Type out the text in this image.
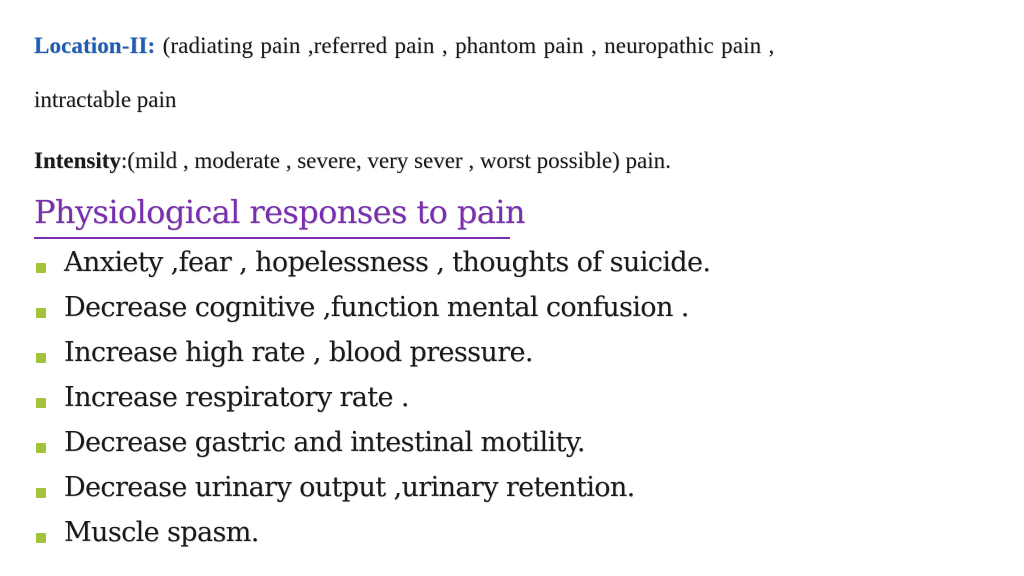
Location-II: (radiating pain ,referred pain , phantom pain , neuropathic pain ,
intractable pain
Intensity:(mild , moderate , severe, very sever , worst possible) pain.
Physiological responses to pain
Anxiety ,fear , hopelessness , thoughts of suicide.
Decrease cognitive ,function mental confusion .
Increase high rate , blood pressure.
Increase respiratory rate .
Decrease gastric and intestinal motility.
Decrease urinary output ,urinary retention.
Muscle spasm.
